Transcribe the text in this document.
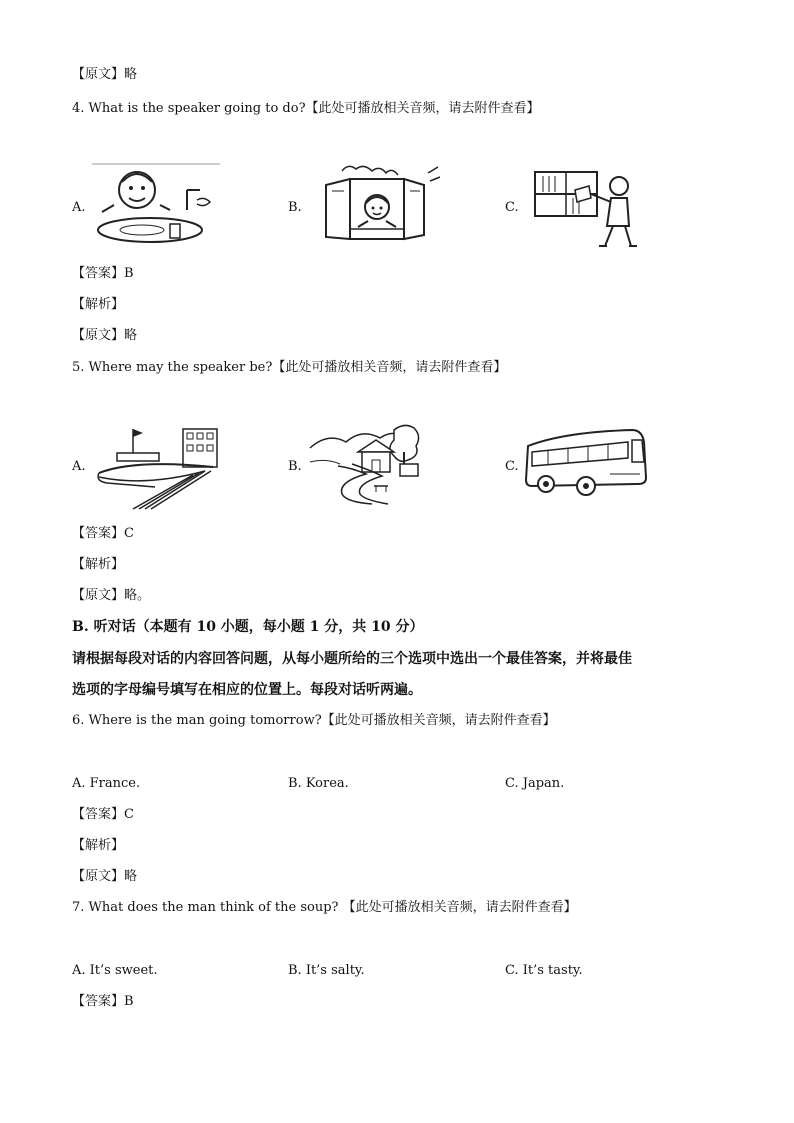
【原文】略
4. What is the speaker going to do?【此处可播放相关音频，请去附件查看】
A.	B.	C.
【答案】B
【解析】
【原文】略
5. Where may the speaker be?【此处可播放相关音频，请去附件查看】
A.	B.	C.
【答案】C
【解析】
【原文】略。
B. 听对话（本题有 10 小题，每小题 1 分，共 10 分）
请根据每段对话的内容回答问题，从每小题所给的三个选项中选出一个最佳答案，并将最佳
选项的字母编号填写在相应的位置上。每段对话听两遍。
6. Where is the man going tomorrow?【此处可播放相关音频，请去附件查看】
A. France.	B. Korea.	C. Japan.
【答案】C
【解析】
【原文】略
7. What does the man think of the soup? 【此处可播放相关音频，请去附件查看】
A. It’s sweet.	B. It’s salty.	C. It’s tasty.
【答案】B
